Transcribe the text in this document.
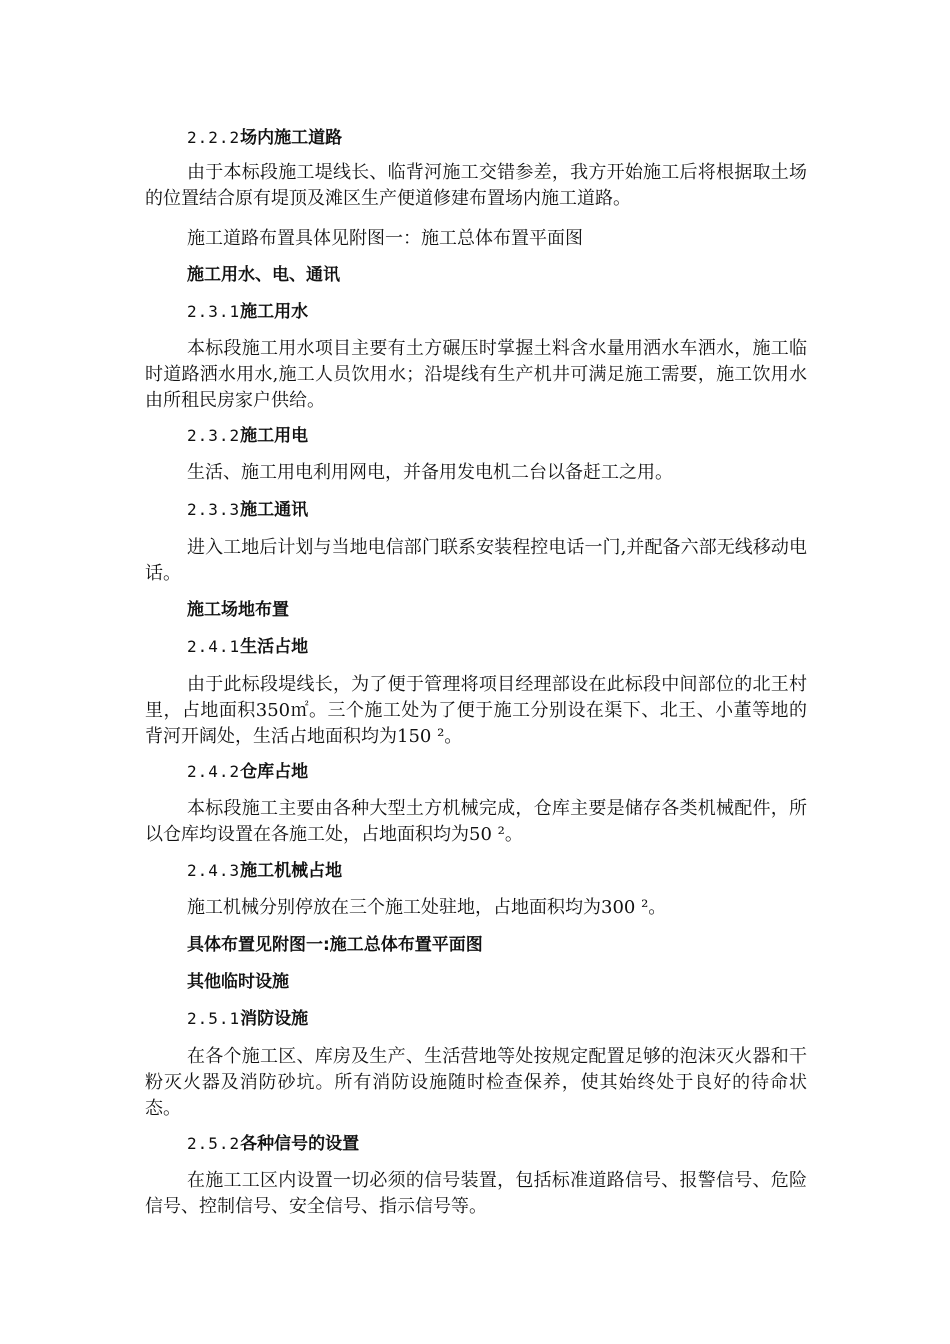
2.2.2场内施工道路
由于本标段施工堤线长、临背河施工交错参差，我方开始施工后将根据取土场的位置结合原有堤顶及滩区生产便道修建布置场内施工道路。
施工道路布置具体见附图一：施工总体布置平面图
施工用水、电、通讯
2.3.1施工用水
本标段施工用水项目主要有土方碾压时掌握土料含水量用洒水车洒水，施工临时道路洒水用水,施工人员饮用水；沿堤线有生产机井可满足施工需要，施工饮用水由所租民房家户供给。
2.3.2施工用电
生活、施工用电利用网电，并备用发电机二台以备赶工之用。
2.3.3施工通讯
进入工地后计划与当地电信部门联系安装程控电话一门,并配备六部无线移动电话。
施工场地布置
2.4.1生活占地
由于此标段堤线长，为了便于管理将项目经理部设在此标段中间部位的北王村里，占地面积350㎡。三个施工处为了便于施工分别设在渠下、北王、小董等地的背河开阔处，生活占地面积均为150 ²。
2.4.2仓库占地
本标段施工主要由各种大型土方机械完成，仓库主要是储存各类机械配件，所以仓库均设置在各施工处，占地面积均为50 ²。
2.4.3施工机械占地
施工机械分别停放在三个施工处驻地，占地面积均为300 ²。
具体布置见附图一:施工总体布置平面图
其他临时设施
2.5.1消防设施
在各个施工区、库房及生产、生活营地等处按规定配置足够的泡沫灭火器和干粉灭火器及消防砂坑。所有消防设施随时检查保养，使其始终处于良好的待命状态。
2.5.2各种信号的设置
在施工工区内设置一切必须的信号装置，包括标准道路信号、报警信号、危险信号、控制信号、安全信号、指示信号等。
